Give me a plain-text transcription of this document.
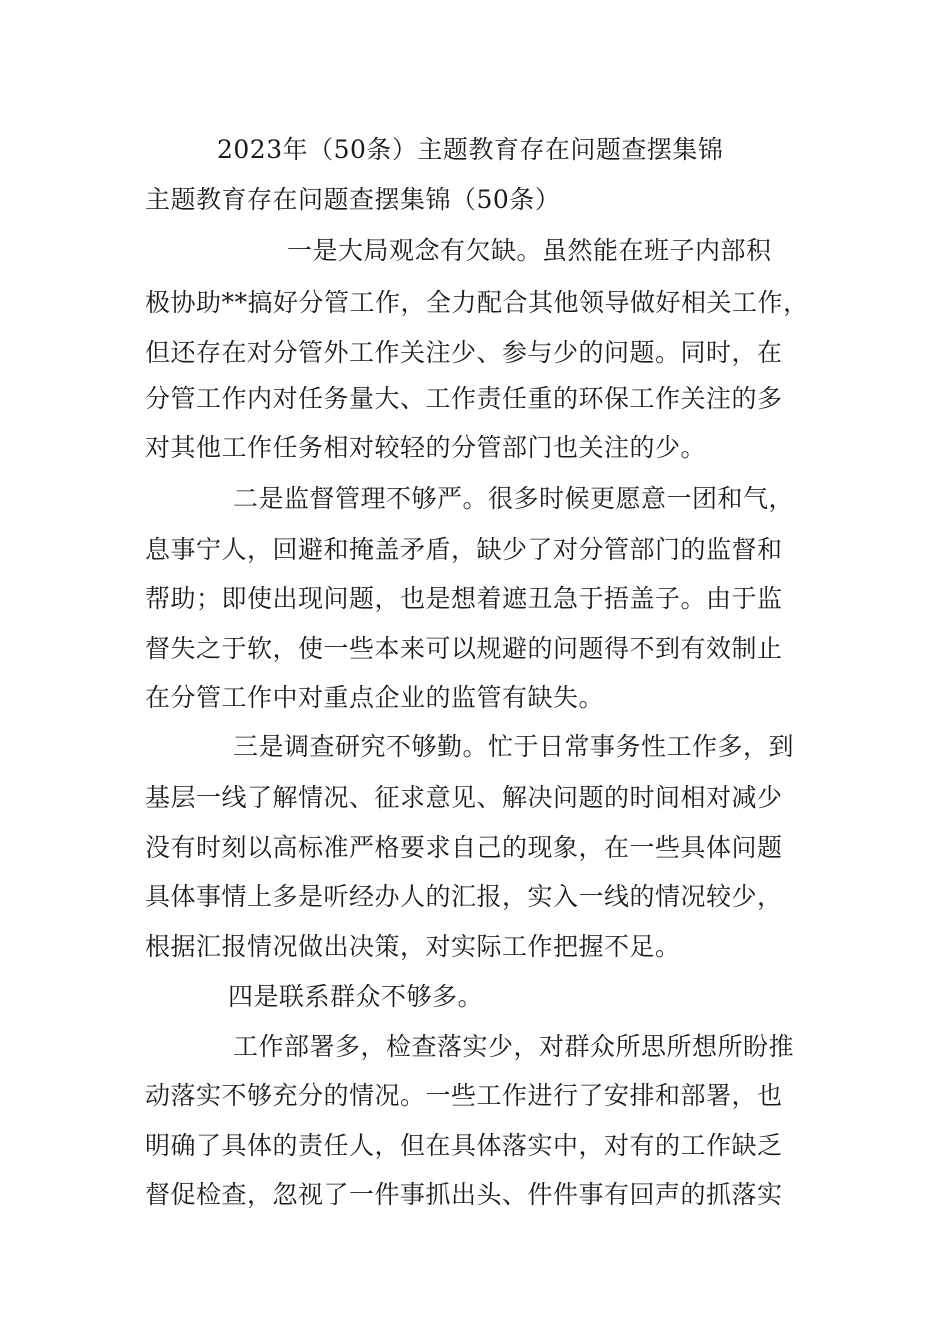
2023年（50条）主题教育存在问题查摆集锦
主题教育存在问题查摆集锦（50条）
一是大局观念有欠缺。虽然能在班子内部积
极协助**搞好分管工作，全力配合其他领导做好相关工作，
但还存在对分管外工作关注少、参与少的问题。同时，在
分管工作内对任务量大、工作责任重的环保工作关注的多
对其他工作任务相对较轻的分管部门也关注的少。
二是监督管理不够严。很多时候更愿意一团和气，
息事宁人，回避和掩盖矛盾，缺少了对分管部门的监督和
帮助；即使出现问题，也是想着遮丑急于捂盖子。由于监
督失之于软，使一些本来可以规避的问题得不到有效制止
在分管工作中对重点企业的监管有缺失。
三是调查研究不够勤。忙于日常事务性工作多，到
基层一线了解情况、征求意见、解决问题的时间相对减少
没有时刻以高标准严格要求自己的现象，在一些具体问题
具体事情上多是听经办人的汇报，实入一线的情况较少，
根据汇报情况做出决策，对实际工作把握不足。
四是联系群众不够多。
工作部署多，检查落实少，对群众所思所想所盼推
动落实不够充分的情况。一些工作进行了安排和部署，也
明确了具体的责任人，但在具体落实中，对有的工作缺乏
督促检查，忽视了一件事抓出头、件件事有回声的抓落实
